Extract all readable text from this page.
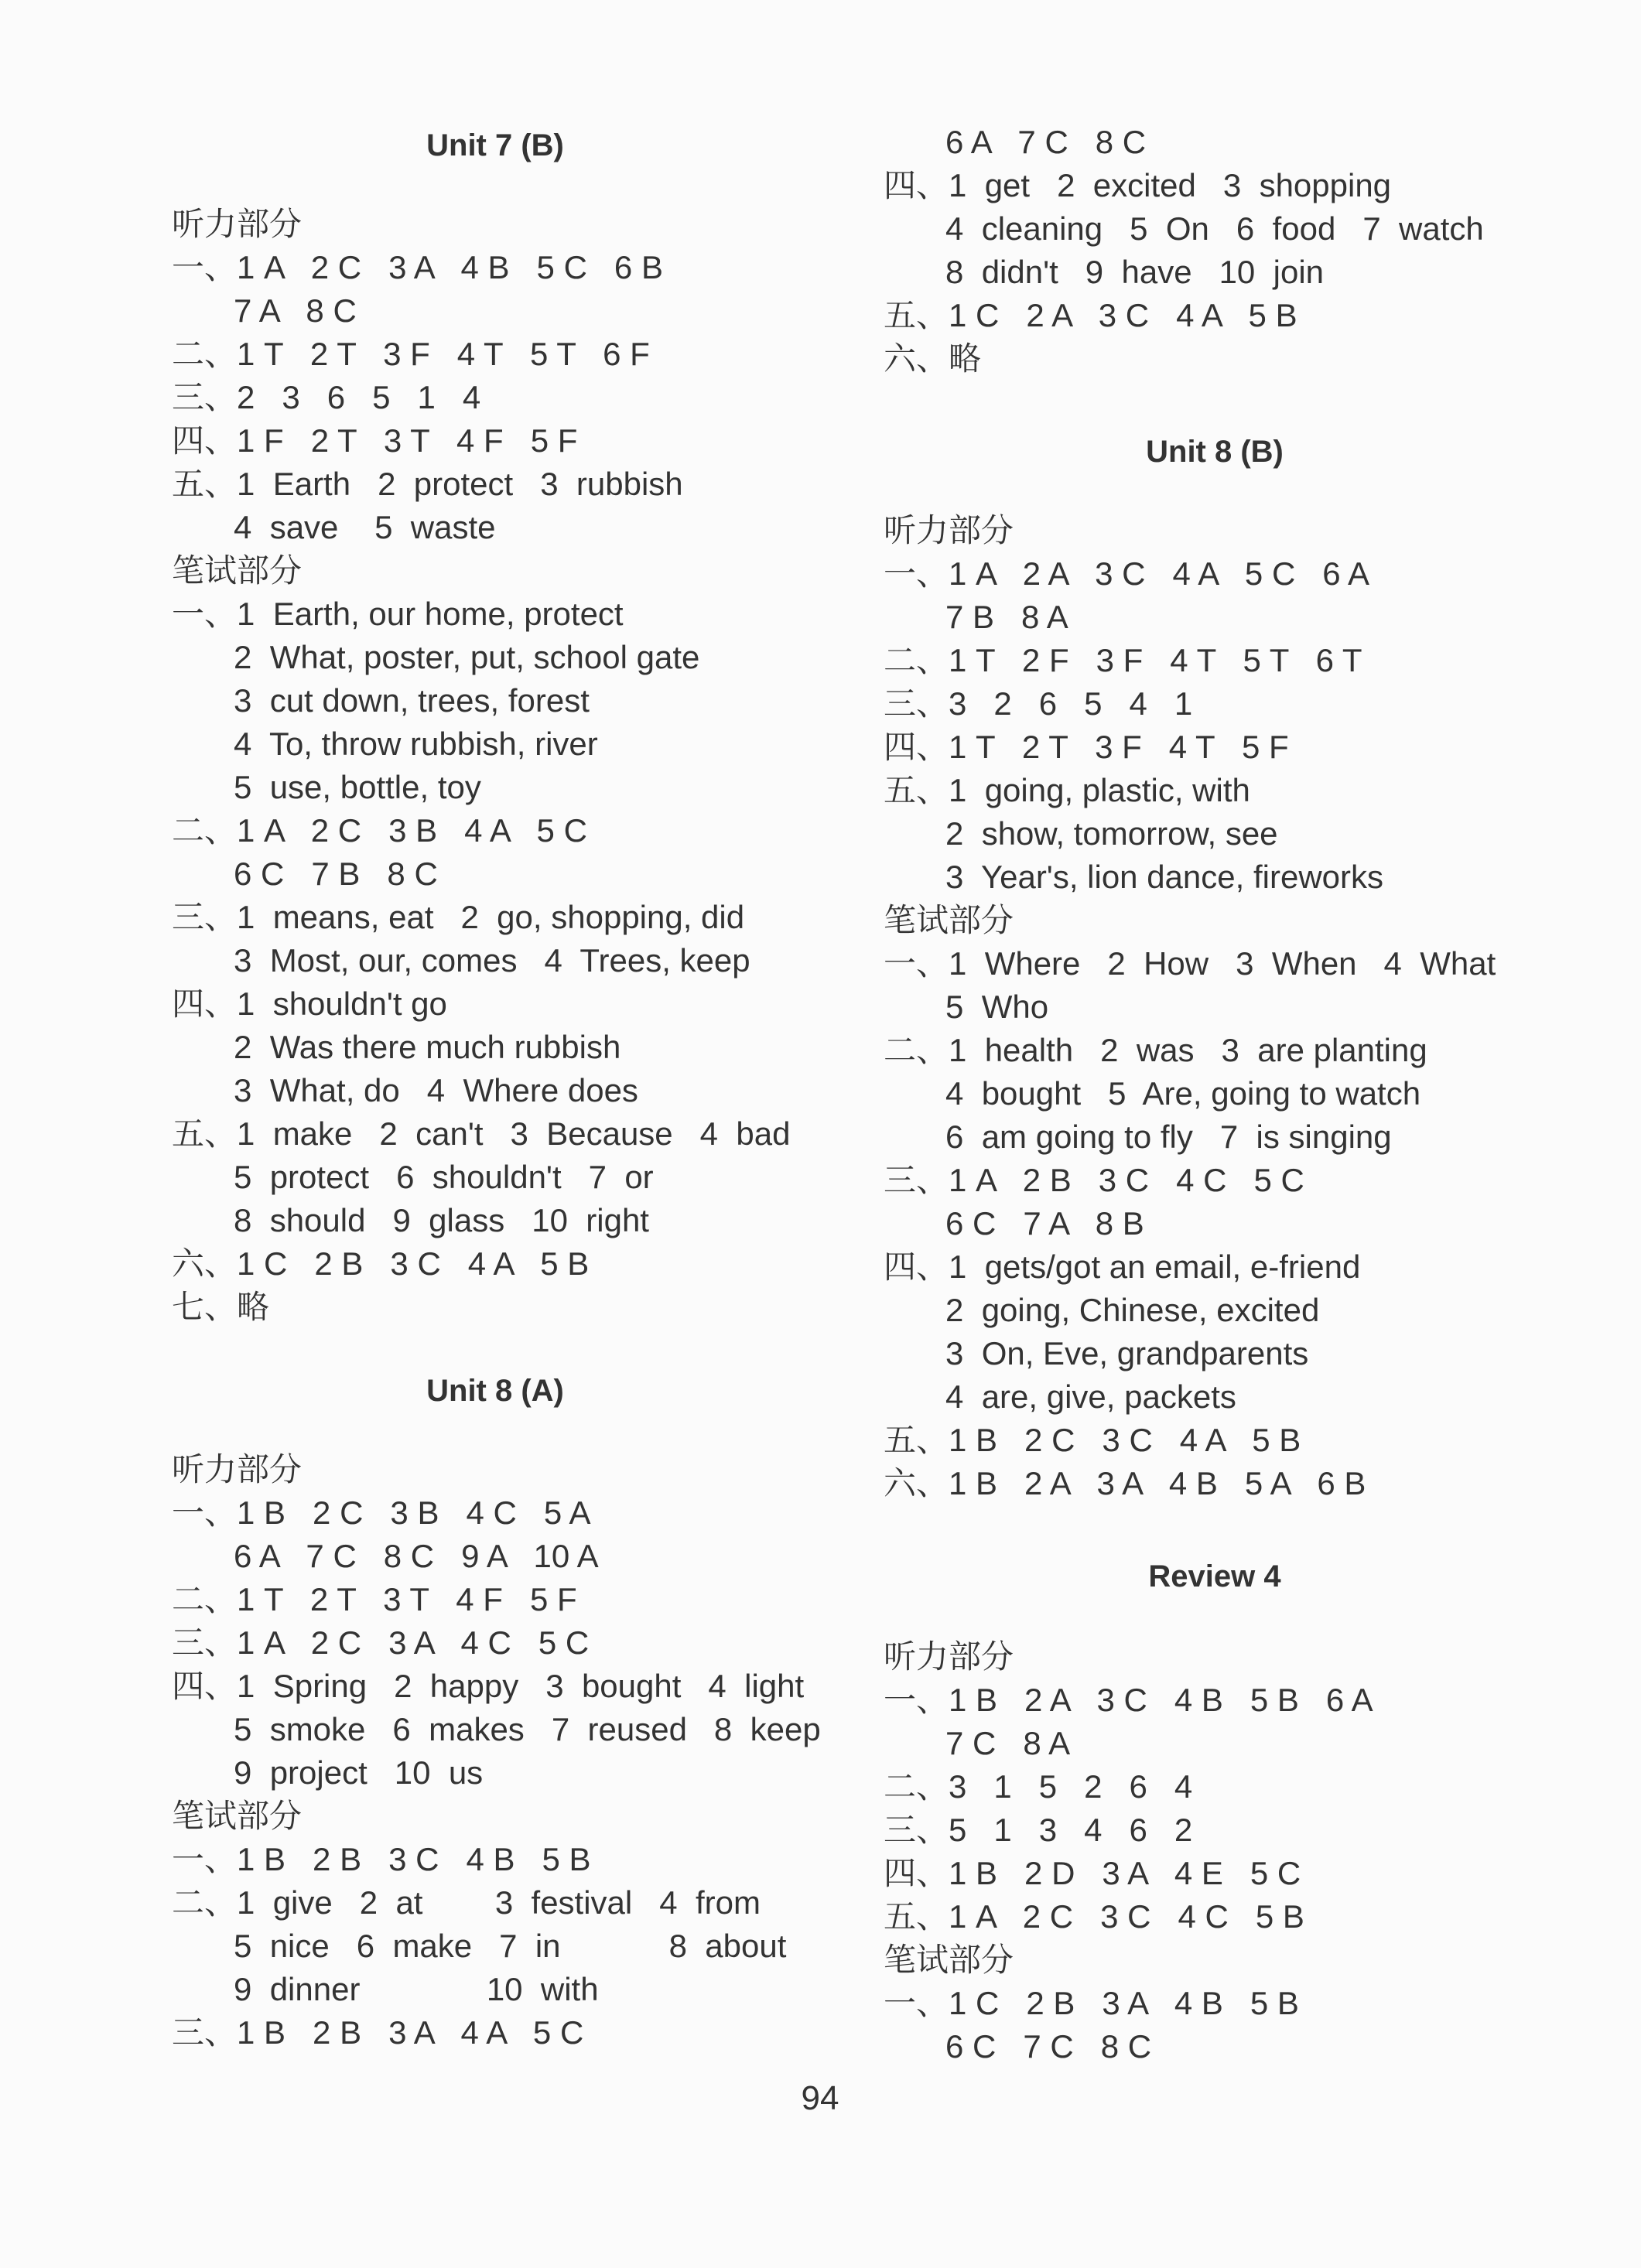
Unit 7 (B)
听力部分
一、1 A   2 C   3 A   4 B   5 C   6 B
7 A   8 C
二、1 T   2 T   3 F   4 T   5 T   6 F
三、2   3   6   5   1   4
四、1 F   2 T   3 T   4 F   5 F
五、1  Earth   2  protect   3  rubbish
4  save    5  waste
笔试部分
一、1  Earth, our home, protect
2  What, poster, put, school gate
3  cut down, trees, forest
4  To, throw rubbish, river
5  use, bottle, toy
二、1 A   2 C   3 B   4 A   5 C
6 C   7 B   8 C
三、1  means, eat   2  go, shopping, did
3  Most, our, comes   4  Trees, keep
四、1  shouldn't go
2  Was there much rubbish
3  What, do   4  Where does
五、1  make   2  can't   3  Because   4  bad
5  protect   6  shouldn't   7  or
8  should   9  glass   10  right
六、1 C   2 B   3 C   4 A   5 B
七、略
Unit 8 (A)
听力部分
一、1 B   2 C   3 B   4 C   5 A
6 A   7 C   8 C   9 A   10 A
二、1 T   2 T   3 T   4 F   5 F
三、1 A   2 C   3 A   4 C   5 C
四、1  Spring   2  happy   3  bought   4  light
5  smoke   6  makes   7  reused   8  keep
9  project   10  us
笔试部分
一、1 B   2 B   3 C   4 B   5 B
二、1  give   2  at        3  festival   4  from
5  nice   6  make   7  in            8  about
9  dinner              10  with
三、1 B   2 B   3 A   4 A   5 C
6 A   7 C   8 C
四、1  get   2  excited   3  shopping
4  cleaning   5  On   6  food   7  watch
8  didn't   9  have   10  join
五、1 C   2 A   3 C   4 A   5 B
六、略
Unit 8 (B)
听力部分
一、1 A   2 A   3 C   4 A   5 C   6 A
7 B   8 A
二、1 T   2 F   3 F   4 T   5 T   6 T
三、3   2   6   5   4   1
四、1 T   2 T   3 F   4 T   5 F
五、1  going, plastic, with
2  show, tomorrow, see
3  Year's, lion dance, fireworks
笔试部分
一、1  Where   2  How   3  When   4  What
5  Who
二、1  health   2  was   3  are planting
4  bought   5  Are, going to watch
6  am going to fly   7  is singing
三、1 A   2 B   3 C   4 C   5 C
6 C   7 A   8 B
四、1  gets/got an email, e-friend
2  going, Chinese, excited
3  On, Eve, grandparents
4  are, give, packets
五、1 B   2 C   3 C   4 A   5 B
六、1 B   2 A   3 A   4 B   5 A   6 B
Review 4
听力部分
一、1 B   2 A   3 C   4 B   5 B   6 A
7 C   8 A
二、3   1   5   2   6   4
三、5   1   3   4   6   2
四、1 B   2 D   3 A   4 E   5 C
五、1 A   2 C   3 C   4 C   5 B
笔试部分
一、1 C   2 B   3 A   4 B   5 B
6 C   7 C   8 C
94
